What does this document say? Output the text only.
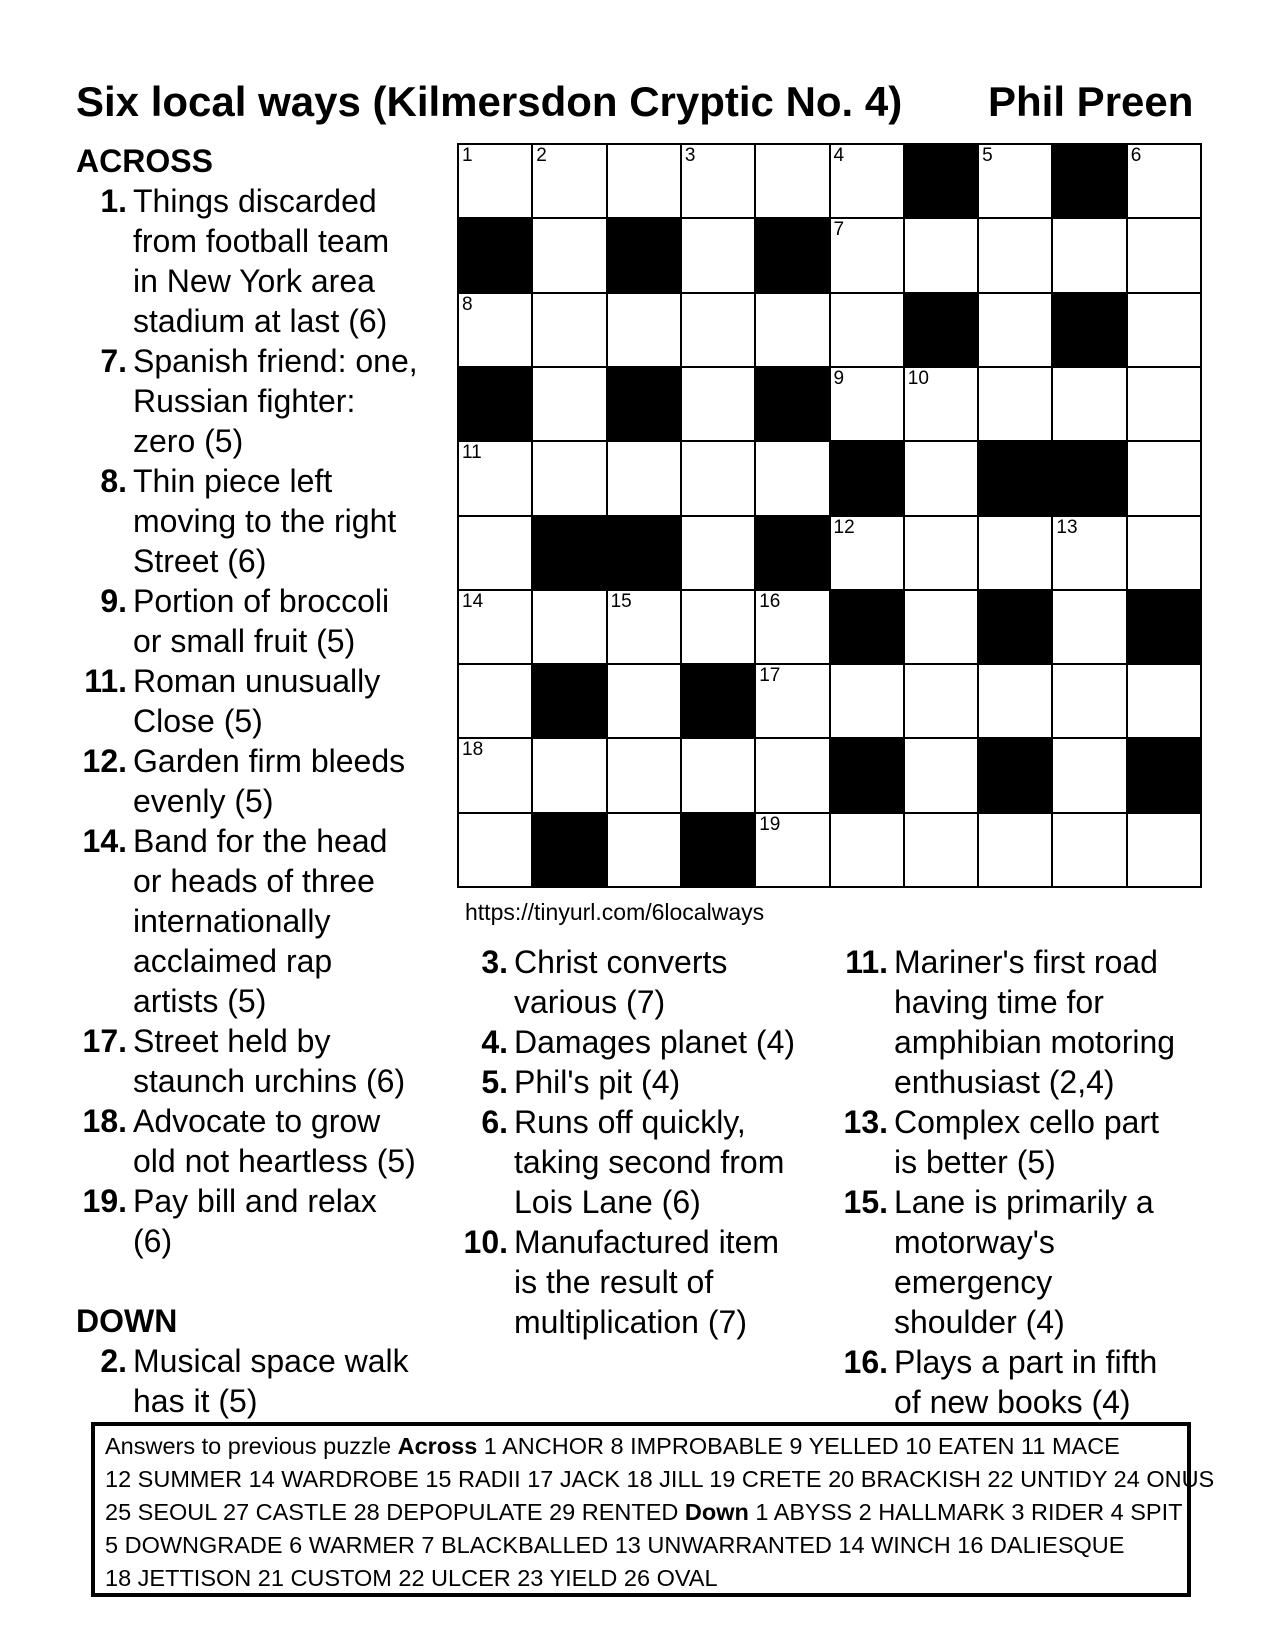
Six local ways (Kilmersdon Cryptic No. 4) Phil Preen
ACROSS
1. Things discarded
from football team
in New York area
stadium at last (6)
7. Spanish friend: one,
Russian fighter:
zero (5)
8. Thin piece left
moving to the right
Street (6)
9. Portion of broccoli
or small fruit (5)
11. Roman unusually
Close (5)
12. Garden firm bleeds
evenly (5)
14. Band for the head
or heads of three
internationally
acclaimed rap
artists (5)
17. Street held by
staunch urchins (6)
18. Advocate to grow
old not heartless (5)
19. Pay bill and relax
(6)
DOWN
2. Musical space walk
has it (5)
1	2	3	4	5	6
7
8
9	10
11
12	13
14	15	16
17
18
19
https://tinyurl.com/6localways
3. Christ converts
various (7)
4. Damages planet (4)
5. Phil's pit (4)
6. Runs off quickly,
taking second from
Lois Lane (6)
10. Manufactured item
is the result of
multiplication (7)
11. Mariner's first road
having time for
amphibian motoring
enthusiast (2,4)
13. Complex cello part
is better (5)
15. Lane is primarily a
motorway's
emergency
shoulder (4)
16. Plays a part in fifth
of new books (4)
Answers to previous puzzle Across 1 ANCHOR 8 IMPROBABLE 9 YELLED 10 EATEN 11 MACE
12 SUMMER 14 WARDROBE 15 RADII 17 JACK 18 JILL 19 CRETE 20 BRACKISH 22 UNTIDY 24 ONUS
25 SEOUL 27 CASTLE 28 DEPOPULATE 29 RENTED Down 1 ABYSS 2 HALLMARK 3 RIDER 4 SPIT
5 DOWNGRADE 6 WARMER 7 BLACKBALLED 13 UNWARRANTED 14 WINCH 16 DALIESQUE
18 JETTISON 21 CUSTOM 22 ULCER 23 YIELD 26 OVAL
